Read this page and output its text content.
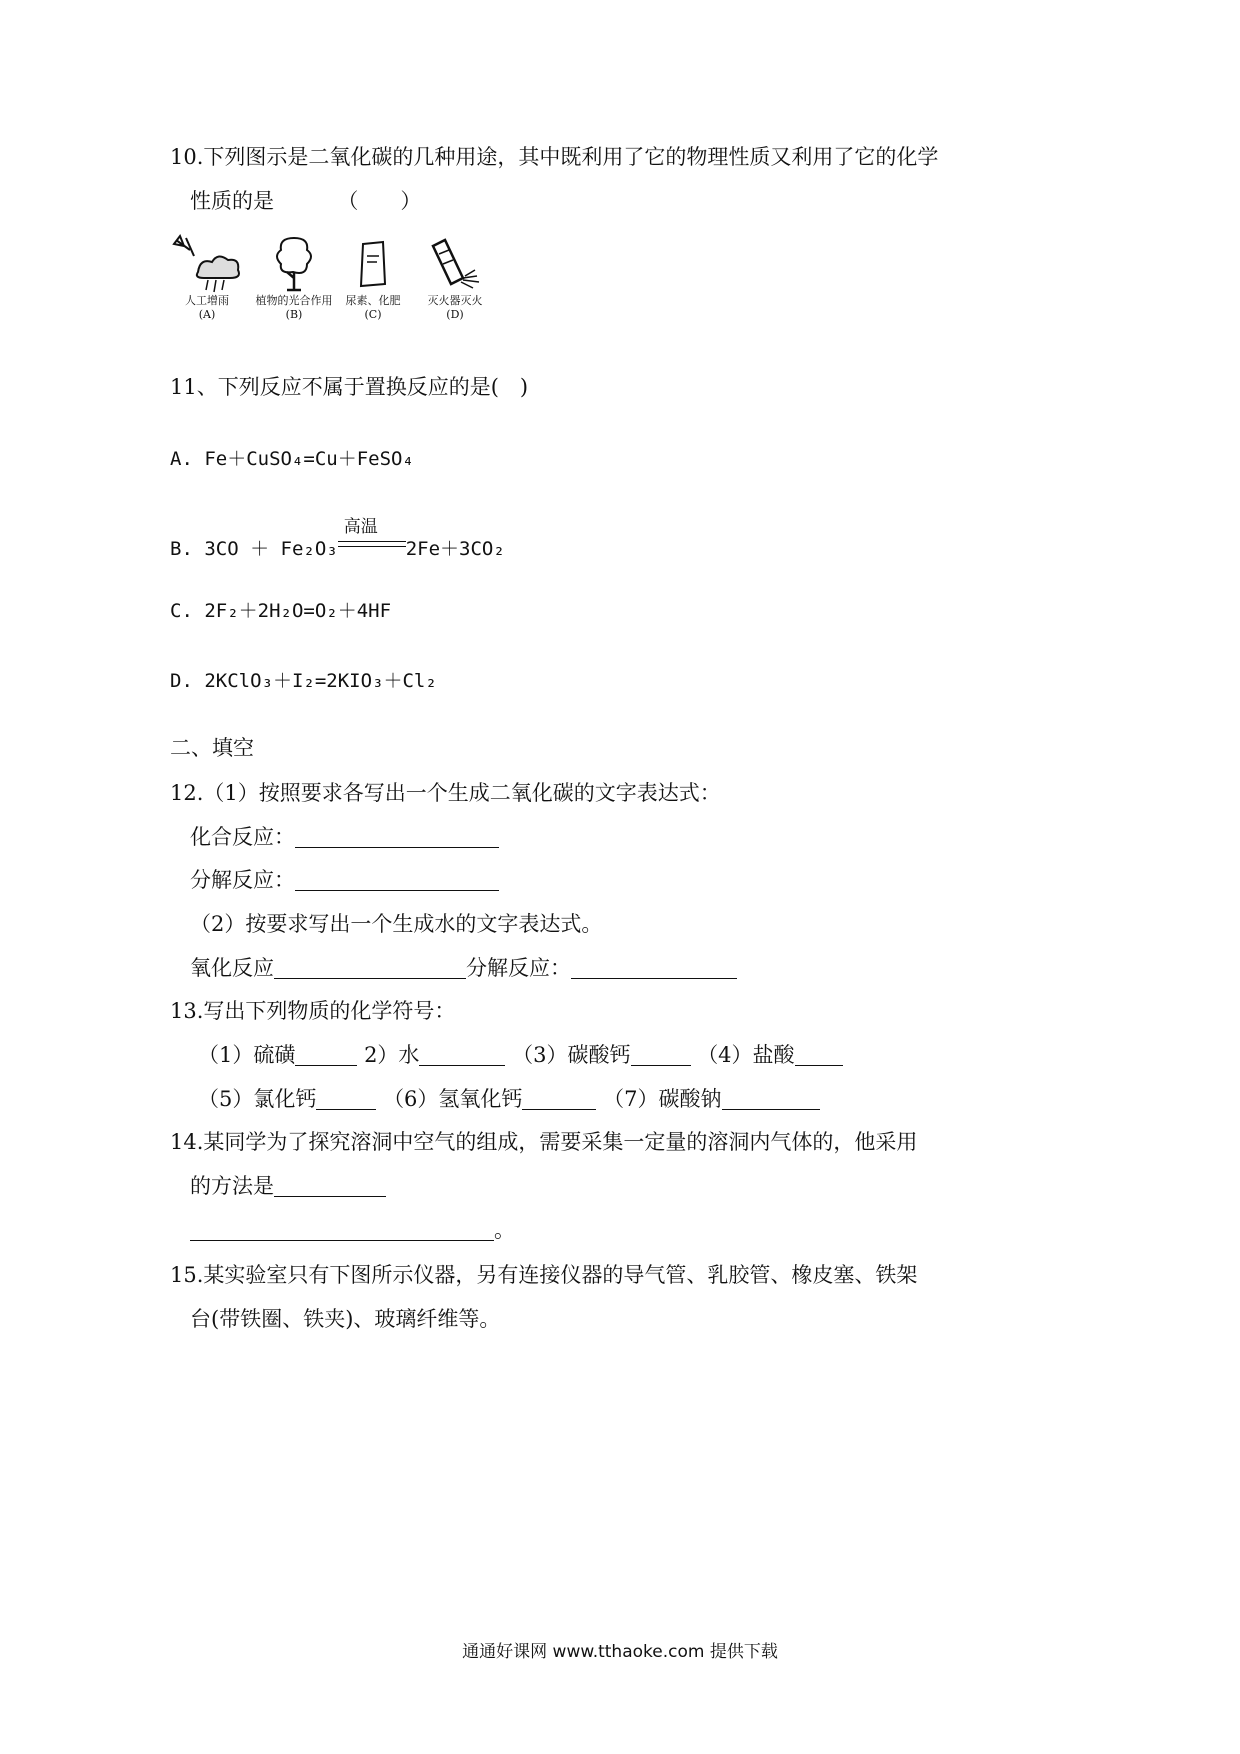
10.下列图示是二氧化碳的几种用途，其中既利用了它的物理性质又利用了它的化学
性质的是	（　　）
人工增雨
(A)
植物的光合作用
(B)
尿素、化肥
(C)
灭火器灭火
(D)
11、下列反应不属于置换反应的是(　)
A. Fe＋CuSO₄=Cu＋FeSO₄
B. 3CO ＋ Fe₂O₃
高温
2Fe＋3CO₂
C. 2F₂＋2H₂O=O₂＋4HF
D. 2KClO₃＋I₂=2KIO₃＋Cl₂
二、填空
12.（1）按照要求各写出一个生成二氧化碳的文字表达式：
化合反应：
分解反应：
（2）按要求写出一个生成水的文字表达式。
氧化反应	分解反应：
13.写出下列物质的化学符号：
（1）硫磺	2）水	（3）碳酸钙	（4）盐酸
（5）氯化钙	（6）氢氧化钙	（7）碳酸钠
14.某同学为了探究溶洞中空气的组成，需要采集一定量的溶洞内气体的，他采用
的方法是
。
15.某实验室只有下图所示仪器，另有连接仪器的导气管、乳胶管、橡皮塞、铁架
台(带铁圈、铁夹)、玻璃纤维等。
通通好课网 www.tthaoke.com 提供下载
